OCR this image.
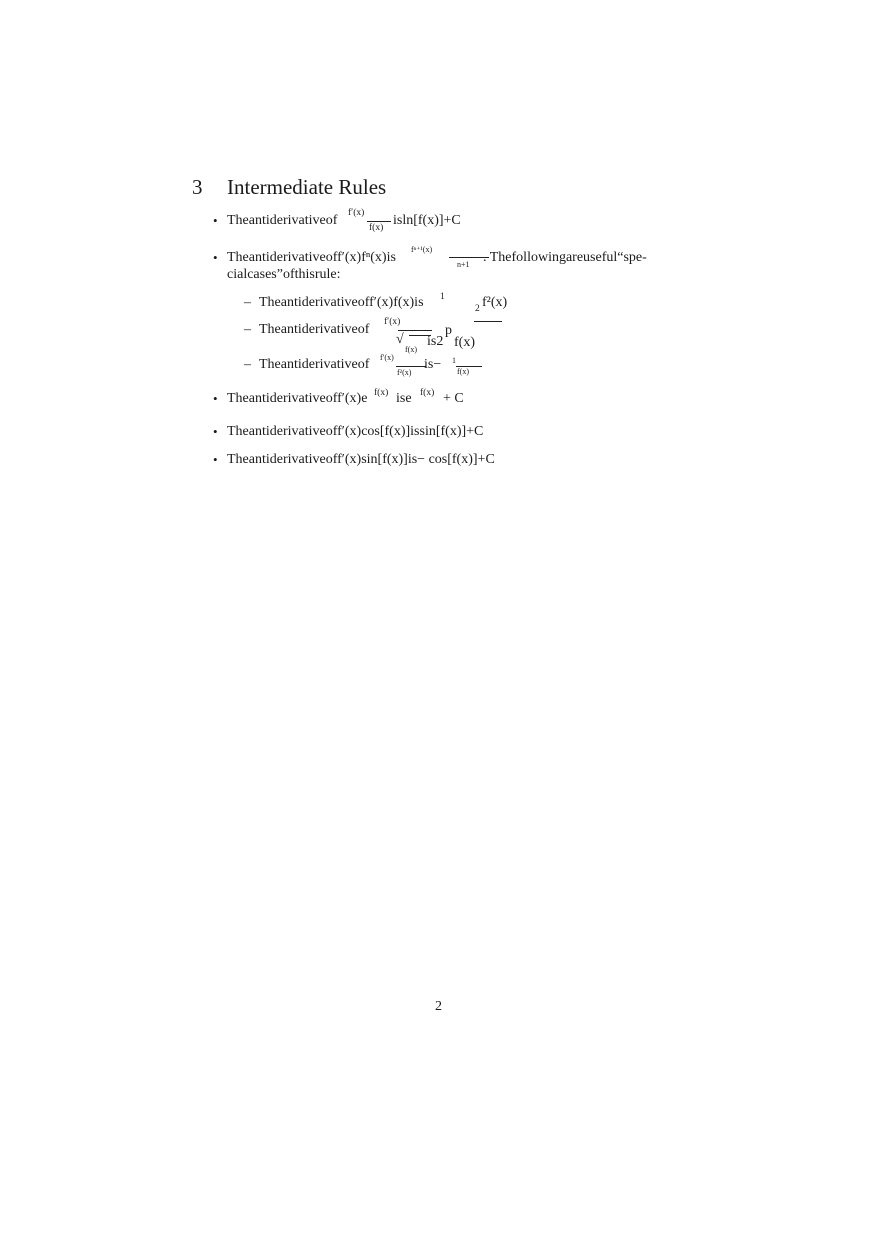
3 Intermediate Rules
• Theantiderivativeof f′(x)
f(x) isln[f(x)]+C
• Theantiderivativeoff′(x)fⁿ(x)is
fⁿ⁺¹(x)
n+1 . Thefollowingareuseful“spe-
cialcases”ofthisrule:
– Theantiderivativeoff′(x)f(x)is 1
2 f²(x)
– Theantiderivativeof f′(x)
√ is2
p
f(x)	f(x)
– Theantiderivativeof f′(x)
f²(x)
is− 1
f(x)
• Theantiderivativeoff′(x)e f(x) ise f(x) + C
• Theantiderivativeoff′(x)cos[f(x)]issin[f(x)]+C
• Theantiderivativeoff′(x)sin[f(x)]is− cos[f(x)]+C
2
